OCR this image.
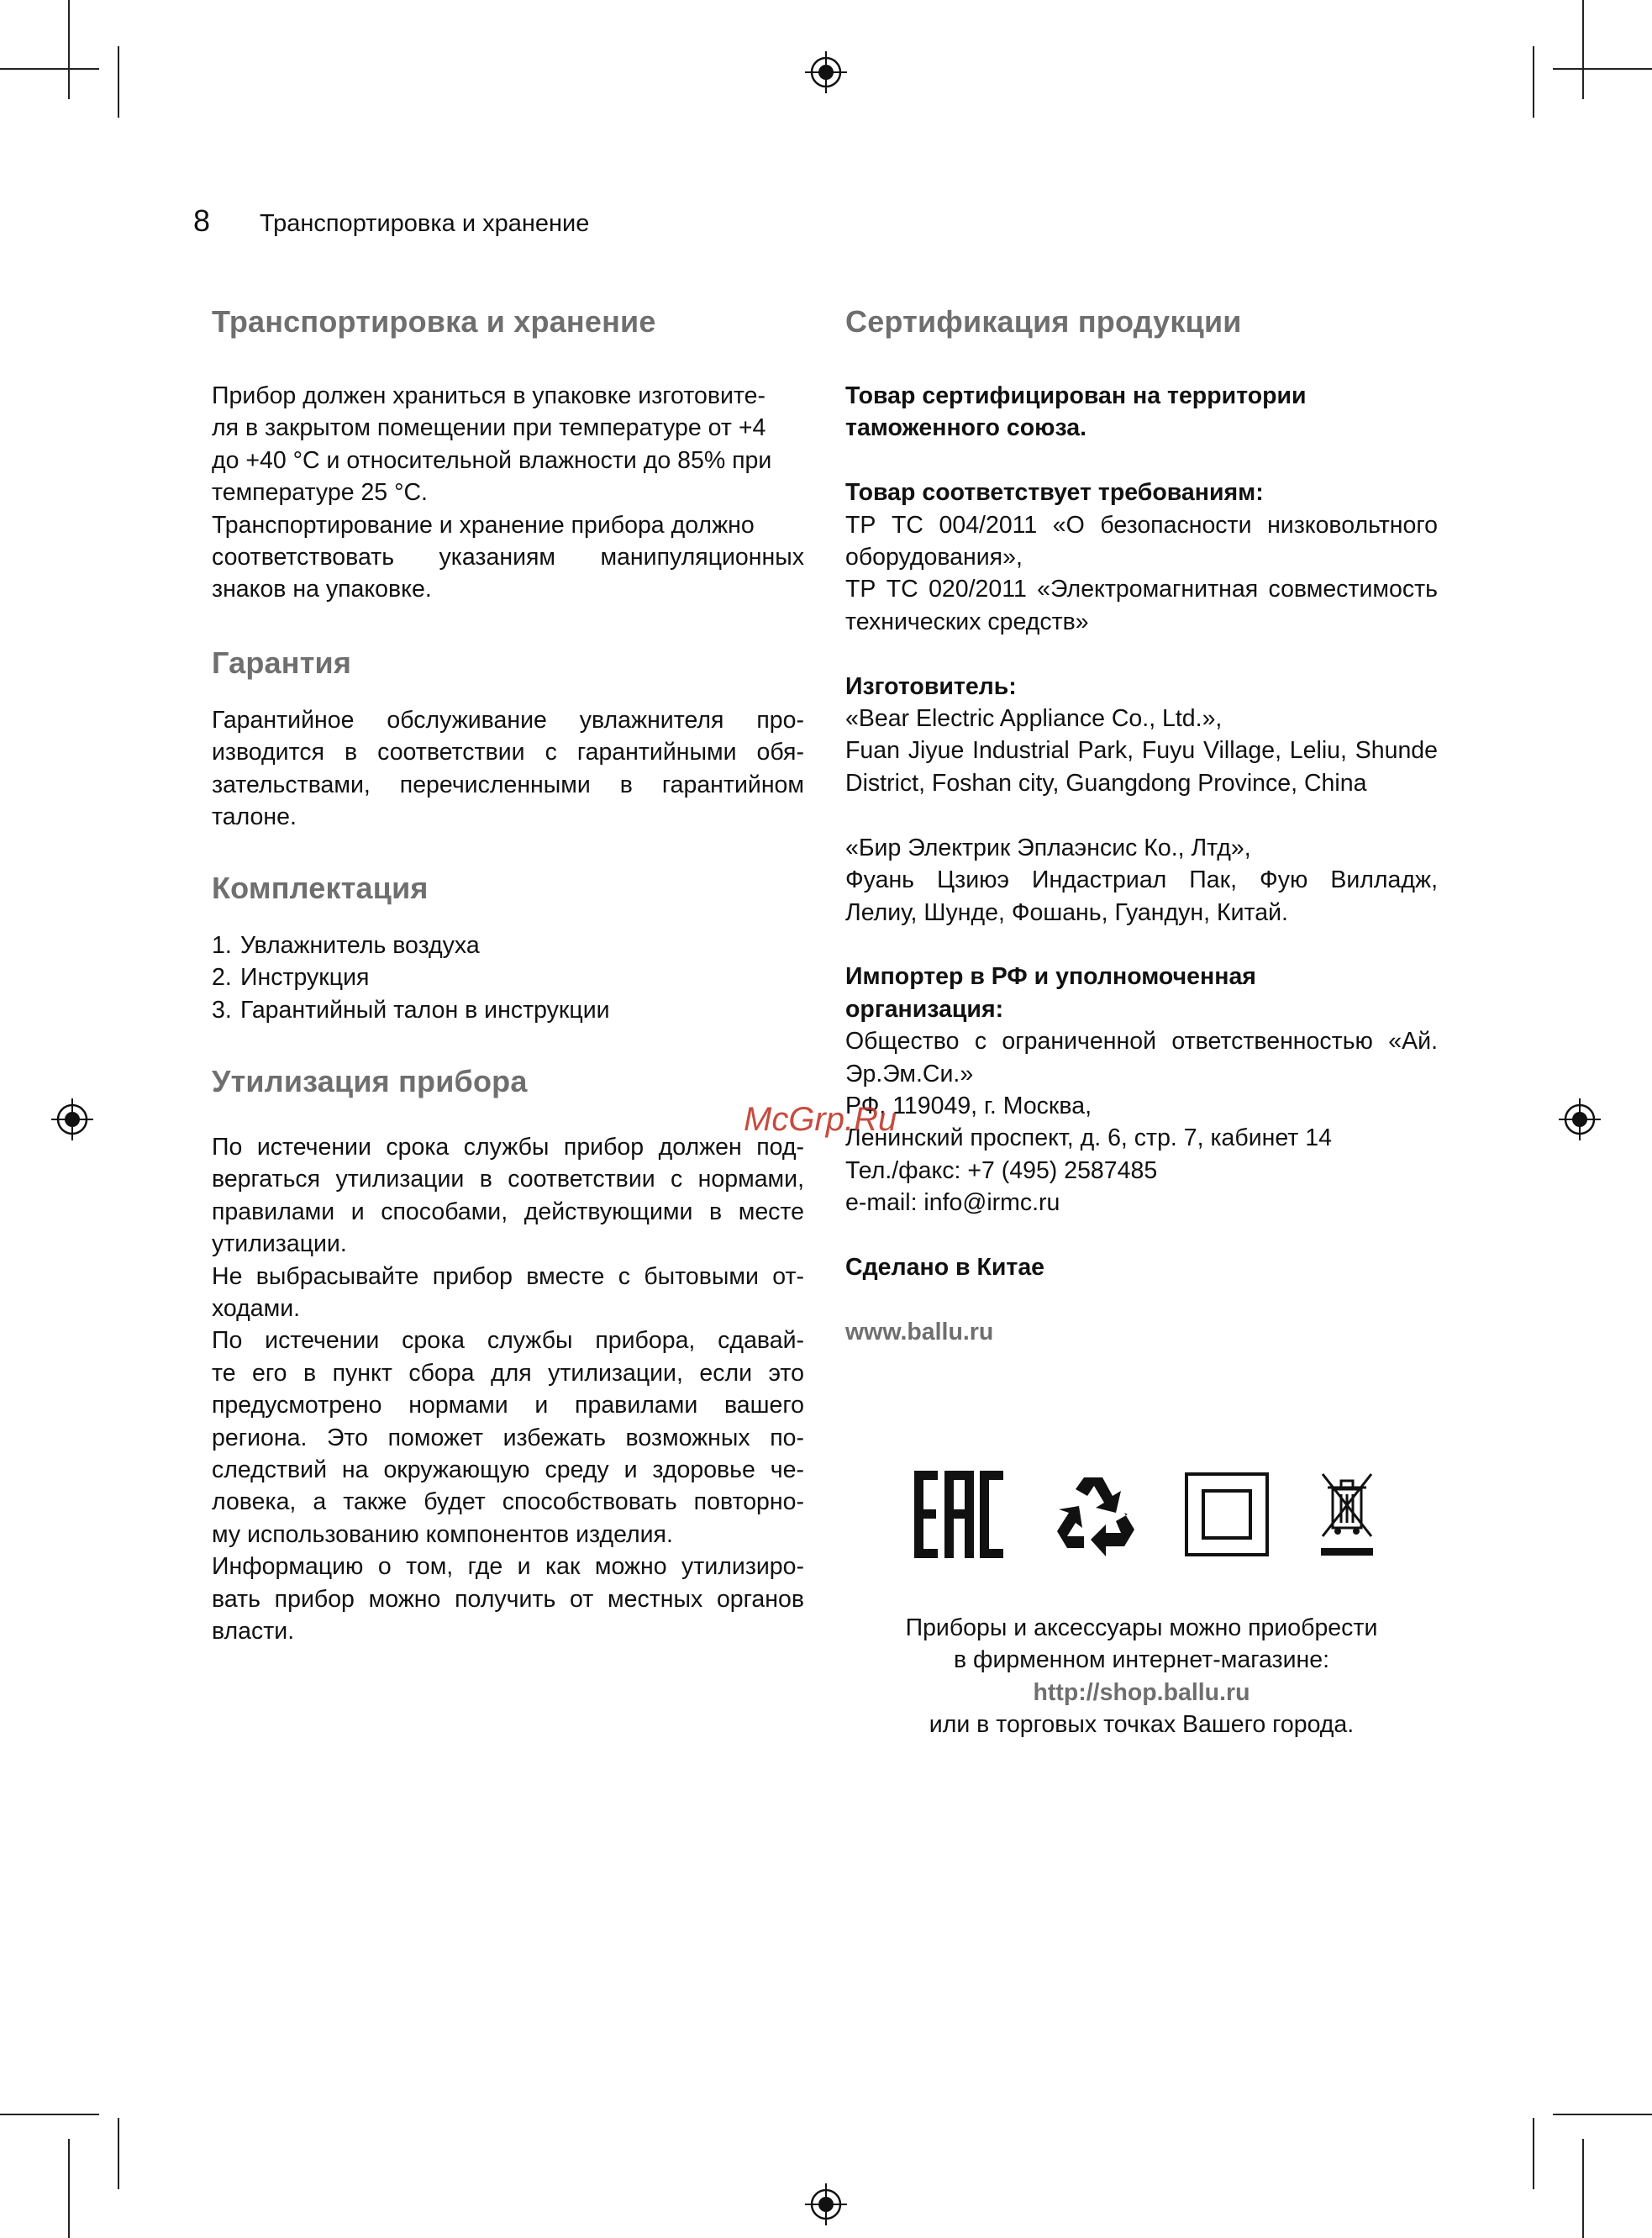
8 Транспортировка и хранение
Транспортировка и хранение

Прибор должен храниться в упаковке изготовите-

ля в закрытом помещении при температуре от +4

до +40 °С и относительной влажности до 85% при

температуре 25 °С.

Транспортирование и хранение прибора должно

соответствовать указаниям манипуляционных

знаков на упаковке.

Гарантия

Гарантийное обслуживание увлажнителя про-

изводится в соответствии с гарантийными обя-

зательствами, перечисленными в гарантийном

талоне.

Комплектация
1. Увлажнитель воздуха
2. Инструкция
3. Гарантийный талон в инструкции
Утилизация прибора

По истечении срока службы прибор должен под-

вергаться утилизации в соответствии с нормами,

правилами и способами, действующими в месте

утилизации.

Не выбрасывайте прибор вместе с бытовыми от-

ходами.

По истечении срока службы прибора, сдавай-

те его в пункт сбора для утилизации, если это

предусмотрено нормами и правилами вашего

региона. Это поможет избежать возможных по-

следствий на окружающую среду и здоровье че-

ловека, а также будет способствовать повторно-

му использованию компонентов изделия.

Информацию о том, где и как можно утилизиро-

вать прибор можно получить от местных органов

власти.

Сертификация продукции

Товар сертифицирован на территории

таможенного союза.

Товар соответствует требованиям:

ТР ТС 004/2011 «О безопасности низковольтного

оборудования»,

ТР ТС 020/2011 «Электромагнитная совместимость

технических средств»

Изготовитель:

«Bear Electric Appliance Co., Ltd.»,

Fuan Jiyue Industrial Park, Fuyu Village, Leliu, Shunde

District, Foshan city, Guangdong Province, China

«Бир Электрик Эплаэнсис Ко., Лтд»,

Фуань Цзиюэ Индастриал Пак, Фую Вилладж,

Лелиу, Шунде, Фошань, Гуандун, Китай.

Импортер в РФ и уполномоченная

организация:

Общество с ограниченной ответственностью «Ай.

Эр.Эм.Си.»

РФ, 119049, г. Москва,

Ленинский проспект, д. 6, стр. 7, кабинет 14

Тел./факс: +7 (495) 2587485

e-mail: info@irmc.ru

Сделано в Китае

www.ballu.ru

Приборы и аксессуары можно приобрести
в фирменном интернет-магазине:
http://shop.ballu.ru
или в торговых точках Вашего города.
McGrp.Ru
